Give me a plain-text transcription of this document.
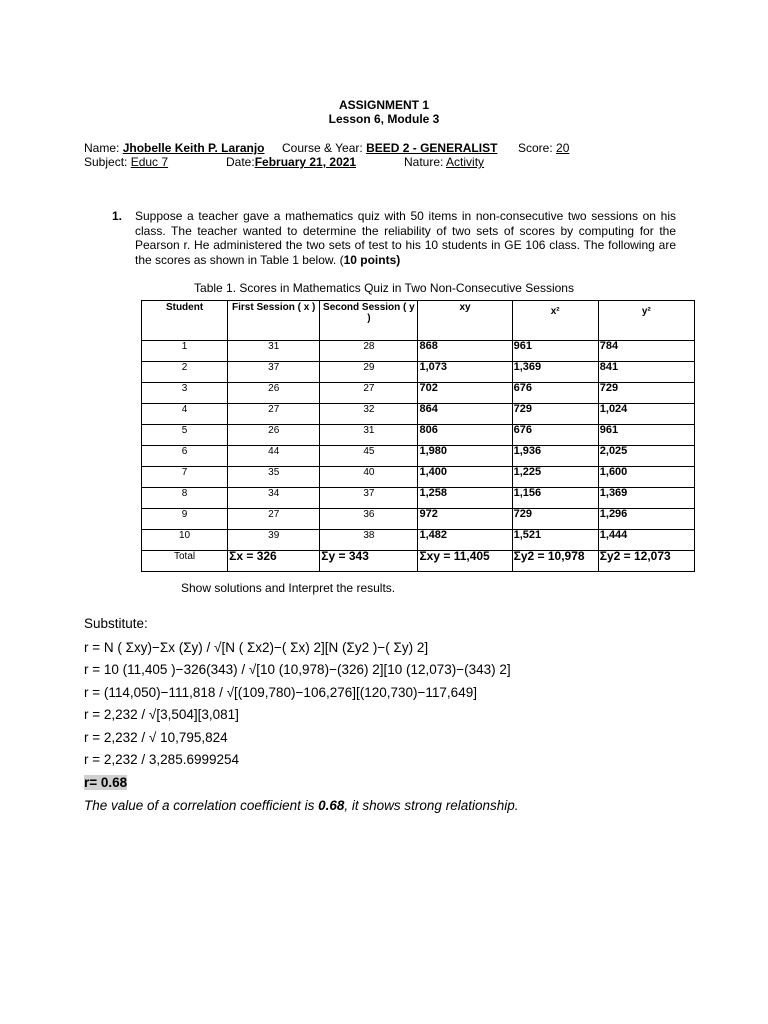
ASSIGNMENT 1
Lesson 6, Module 3
Name: Jhobelle Keith P. Laranjo Course & Year: BEED 2 - GENERALIST Score: 20
Subject: Educ 7	Date:February 21, 2021	Nature: Activity
1. Suppose a teacher gave a mathematics quiz with 50 items in non-consecutive two sessions on his class. The teacher wanted to determine the reliability of two sets of scores by computing for the Pearson r. He administered the two sets of test to his 10 students in GE 106 class. The following are the scores as shown in Table 1 below. (10 points)
Table 1. Scores in Mathematics Quiz in Two Non-Consecutive Sessions
Student	First Session ( x )	Second Session ( y )	xy	x²	y²
1	31	28	868	961	784
2	37	29	1,073	1,369	841
3	26	27	702	676	729
4	27	32	864	729	1,024
5	26	31	806	676	961
6	44	45	1,980	1,936	2,025
7	35	40	1,400	1,225	1,600
8	34	37	1,258	1,156	1,369
9	27	36	972	729	1,296
10	39	38	1,482	1,521	1,444
Total	Σx = 326	Σy = 343	Σxy = 11,405	Σy2 = 10,978	Σy2 = 12,073
Show solutions and Interpret the results.
Substitute:
r = N ( Σxy)−Σx (Σy) / √[N ( Σx2)−( Σx) 2][N (Σy2 )−( Σy) 2]
r = 10 (11,405 )−326(343) / √[10 (10,978)−(326) 2][10 (12,073)−(343) 2]
r = (114,050)−111,818 / √[(109,780)−106,276][(120,730)−117,649]
r = 2,232 / √[3,504][3,081]
r = 2,232 / √ 10,795,824
r = 2,232 / 3,285.6999254
r= 0.68
The value of a correlation coefficient is 0.68, it shows strong relationship.
